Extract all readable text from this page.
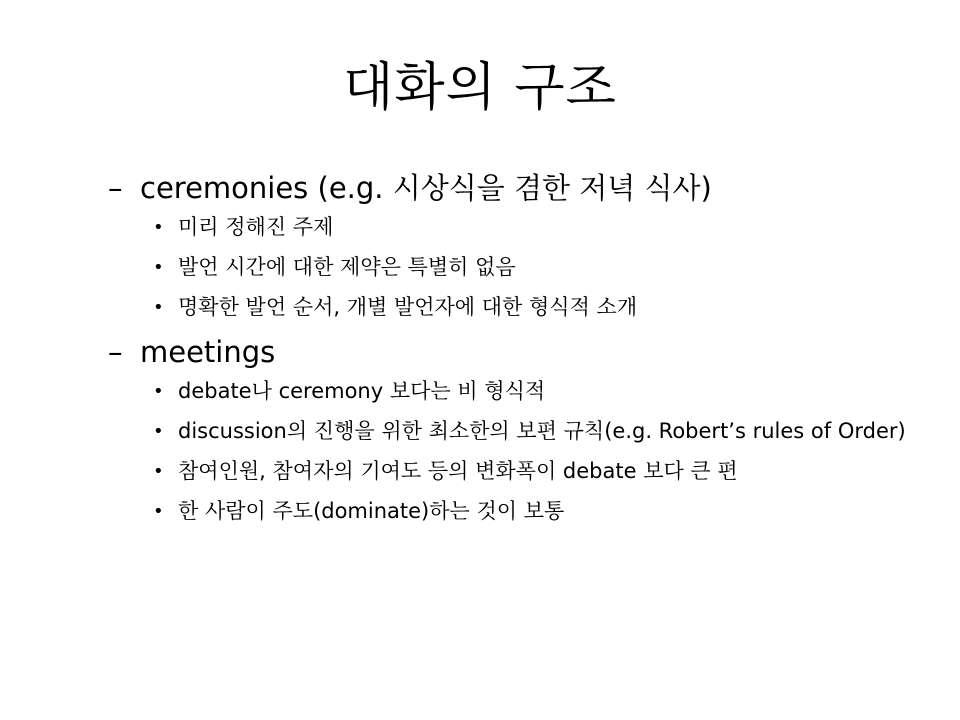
대화의 구조
– ceremonies (e.g. 시상식을 겸한 저녁 식사)
• 미리 정해진 주제
• 발언 시간에 대한 제약은 특별히 없음
• 명확한 발언 순서, 개별 발언자에 대한 형식적 소개
– meetings
• debate나 ceremony 보다는 비 형식적
• discussion의 진행을 위한 최소한의 보편 규칙(e.g. Robert’s rules of Order)
• 참여인원, 참여자의 기여도 등의 변화폭이 debate 보다 큰 편
• 한 사람이 주도(dominate)하는 것이 보통
